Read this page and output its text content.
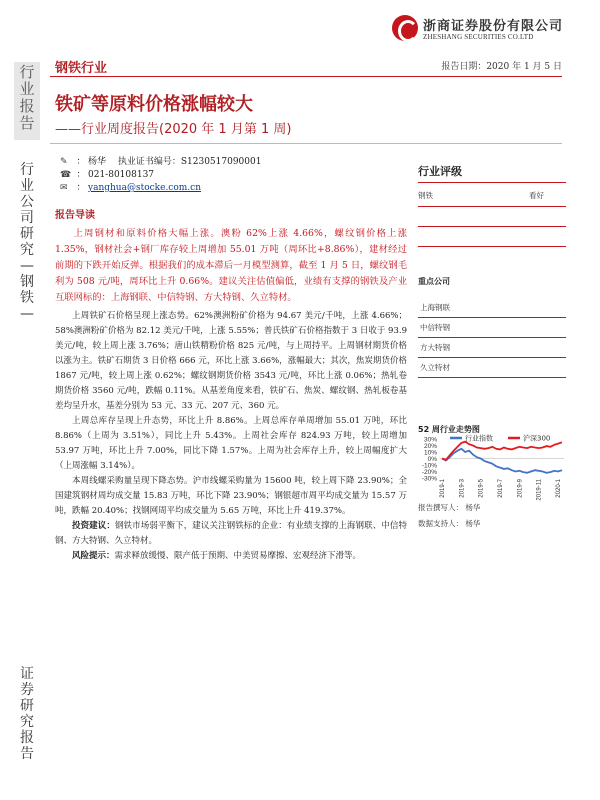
浙商证券股份有限公司
ZHESHANG SECURITIES CO.LTD
行
业
报
告
钢铁行业	报告日期：2020 年 1 月 5 日
铁矿等原料价格涨幅较大
——行业周度报告(2020 年 1 月第 1 周)
行
业
公
司
研
究
—
钢
铁
—
证
券
研
究
报
告
✎ ： 杨华　 执业证书编号：S1230517090001
☎ ： 021-80108137
✉ ： yanghua@stocke.com.cn
报告导读

上周钢材和原料价格大幅上涨。澳粉 62%上涨 4.66%，螺纹钢价格上涨 1.35%，钢材社会+钢厂库存较上周增加 55.01 万吨（周环比+8.86%），建材经过前期的下跌开始反弹。根据我们的成本滞后一月模型测算，截至 1 月 5 日，螺纹钢毛利为 508 元/吨，周环比上升 0.66%。建议关注估值偏低，业绩有支撑的钢铁及产业互联网标的：上海钢联、中信特钢、方大特钢、久立特材。

上周铁矿石价格呈现上涨态势。62%澳洲粉矿价格为 94.67 美元/千吨，上涨 4.66%；58%澳洲粉矿价格为 82.12 美元/千吨，上涨 5.55%；普氏铁矿石价格指数于 3 日收于 93.9 美元/吨，较上周上涨 3.76%；唐山铁精粉价格 825 元/吨，与上周持平。上周钢材期货价格以涨为主。铁矿石期货 3 日价格 666 元，环比上涨 3.66%，涨幅最大；其次，焦炭期货价格 1867 元/吨，较上周上涨 0.62%；螺纹钢期货价格 3543 元/吨，环比上涨 0.06%；热轧卷期货价格 3560 元/吨，跌幅 0.11%。从基差角度来看，铁矿石、焦炭、螺纹钢、热轧板卷基差均呈升水，基差分别为 53 元、33 元、207 元、360 元。

上周总库存呈现上升态势，环比上升 8.86%。上周总库存单周增加 55.01 万吨，环比 8.86%（上周为 3.51%），同比上升 5.43%。上周社会库存 824.93 万吨，较上周增加 53.97 万吨，环比上升 7.00%，同比下降 1.57%。上周为社会库存上升，较上周幅度扩大（上周涨幅 3.14%）。

本周线螺采购量呈现下降态势。沪市线螺采购量为 15600 吨，较上周下降 23.90%；全国建筑钢材周均成交量 15.83 万吨，环比下降 23.90%；钢银超市周平均成交量为 15.57 万吨，跌幅 20.40%；找钢网周平均成交量为 5.65 万吨，环比上升 419.37%。

投资建议：钢铁市场弱平衡下，建议关注钢铁标的企业：有业绩支撑的上海钢联、中信特钢、方大特钢、久立特材。

风险提示：需求释放缓慢、限产低于预期、中美贸易摩擦、宏观经济下滑等。

行业评级
钢铁	看好
重点公司
上海钢联
中信特钢
方大特钢
久立特材
52 周行业走势图
30%
20%
10%
0%
-10%
-20%
-30% 2019-1 2019-3 2019-5 2019-7 2019-9 2019-11 2020-1
行业指数	沪深300
报告撰写人： 杨华
数据支持人： 杨华
